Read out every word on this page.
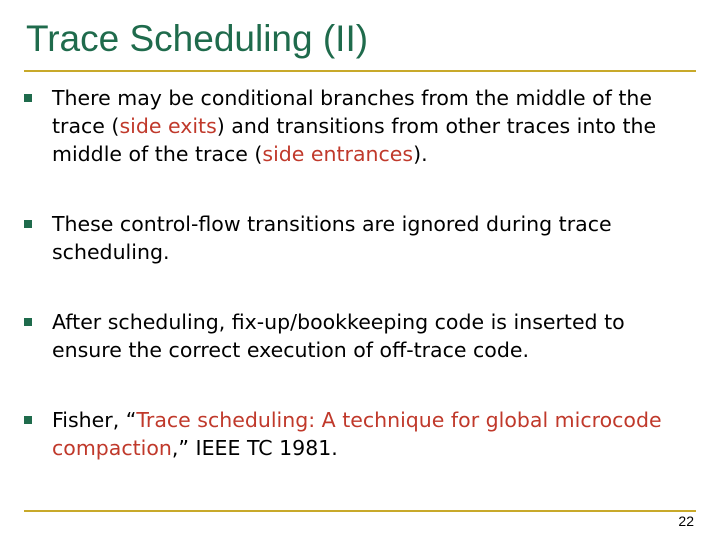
Trace Scheduling (II)

There may be conditional branches from the middle of the trace (side exits) and transitions from other traces into the middle of the trace (side entrances).

These control-flow transitions are ignored during trace scheduling.

After scheduling, fix-up/bookkeeping code is inserted to ensure the correct execution of off-trace code.

Fisher, “Trace scheduling: A technique for global microcode compaction,” IEEE TC 1981.

22
